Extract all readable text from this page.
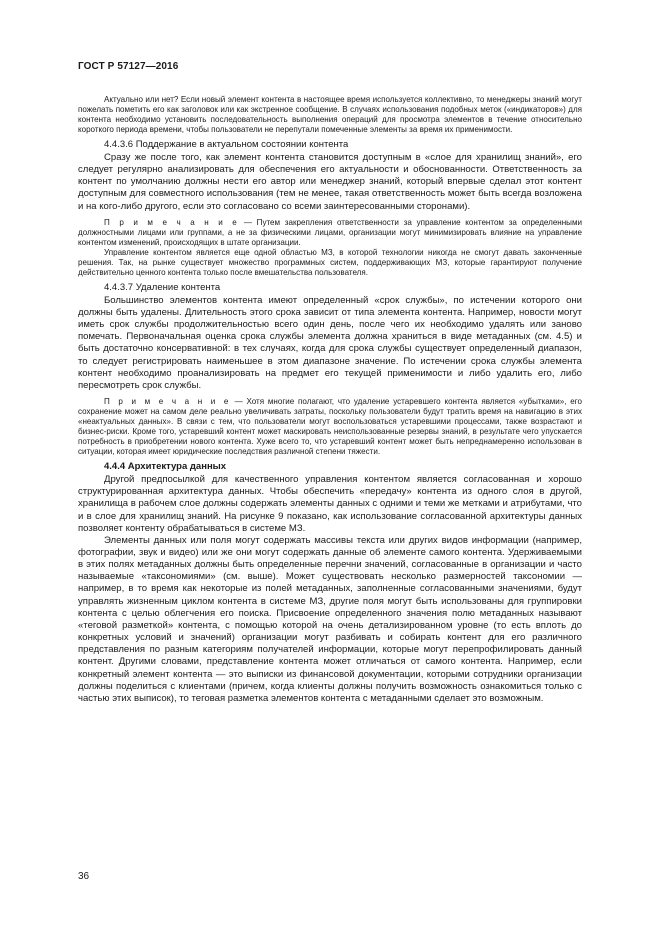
ГОСТ Р 57127—2016

Актуально или нет? Если новый элемент контента в настоящее время используется коллективно, то менеджеры знаний могут пожелать пометить его как заголовок или как экстренное сообщение. В случаях использования подобных меток («индикаторов») для контента необходимо установить последовательность выполнения операций для просмотра элементов в течение относительно короткого периода времени, чтобы пользователи не перепутали помеченные элементы за время их применимости.

4.4.3.6 Поддержание в актуальном состоянии контента

Сразу же после того, как элемент контента становится доступным в «слое для хранилищ знаний», его следует регулярно анализировать для обеспечения его актуальности и обоснованности. Ответственность за контент по умолчанию должны нести его автор или менеджер знаний, который впервые сделал этот контент доступным для совместного использования (тем не менее, такая ответственность может быть всегда возложена и на кого-либо другого, если это согласовано со всеми заинтересованными сторонами).

П р и м е ч а н и е — Путем закрепления ответственности за управление контентом за определенными должностными лицами или группами, а не за физическими лицами, организации могут минимизировать влияние на управление контентом изменений, происходящих в штате организации.

Управление контентом является еще одной областью МЗ, в которой технологии никогда не смогут давать законченные решения. Так, на рынке существует множество программных систем, поддерживающих МЗ, которые гарантируют получение действительно ценного контента только после вмешательства пользователя.

4.4.3.7 Удаление контента

Большинство элементов контента имеют определенный «срок службы», по истечении которого они должны быть удалены. Длительность этого срока зависит от типа элемента контента. Например, новости могут иметь срок службы продолжительностью всего один день, после чего их необходимо удалять или заново помечать. Первоначальная оценка срока службы элемента должна храниться в виде метаданных (см. 4.5) и быть достаточно консервативной: в тех случаях, когда для срока службы существует определенный диапазон, то следует регистрировать наименьшее в этом диапазоне значение. По истечении срока службы элемента контент необходимо проанализировать на предмет его текущей применимости и либо удалить его, либо пересмотреть срок службы.

П р и м е ч а н и е — Хотя многие полагают, что удаление устаревшего контента является «убытками», его сохранение может на самом деле реально увеличивать затраты, поскольку пользователи будут тратить время на навигацию в этих «неактуальных данных». В связи с тем, что пользователи могут воспользоваться устаревшими процессами, также возрастают и бизнес-риски. Кроме того, устаревший контент может маскировать неиспользованные резервы знаний, в результате чего упускается потребность в приобретении нового контента. Хуже всего то, что устаревший контент может быть непреднамеренно использован в ситуации, которая имеет юридические последствия различной степени тяжести.

4.4.4 Архитектура данных

Другой предпосылкой для качественного управления контентом является согласованная и хорошо структурированная архитектура данных. Чтобы обеспечить «передачу» контента из одного слоя в другой, хранилища в рабочем слое должны содержать элементы данных с одними и теми же метками и атрибутами, что и в слое для хранилищ знаний. На рисунке 9 показано, как использование согласованной архитектуры данных позволяет контенту обрабатываться в системе МЗ.

Элементы данных или поля могут содержать массивы текста или других видов информации (например, фотографии, звук и видео) или же они могут содержать данные об элементе самого контента. Удерживаемыми в этих полях метаданных должны быть определенные перечни значений, согласованные в организации и часто называемые «таксономиями» (см. выше). Может существовать несколько размерностей таксономии — например, в то время как некоторые из полей метаданных, заполненные согласованными значениями, будут управлять жизненным циклом контента в системе МЗ, другие поля могут быть использованы для группировки контента с целью облегчения его поиска. Присвоение определенного значения полю метаданных называют «теговой разметкой» контента, с помощью которой на очень детализированном уровне (то есть вплоть до конкретных условий и значений) организации могут разбивать и собирать контент для его различного представления по разным категориям получателей информации, которые могут перепрофилировать данный контент. Другими словами, представление контента может отличаться от самого контента. Например, если конкретный элемент контента — это выписки из финансовой документации, которыми сотрудники организации должны поделиться с клиентами (причем, когда клиенты должны получить возможность ознакомиться только с частью этих выписок), то теговая разметка элементов контента с метаданными сделает это возможным.

36
